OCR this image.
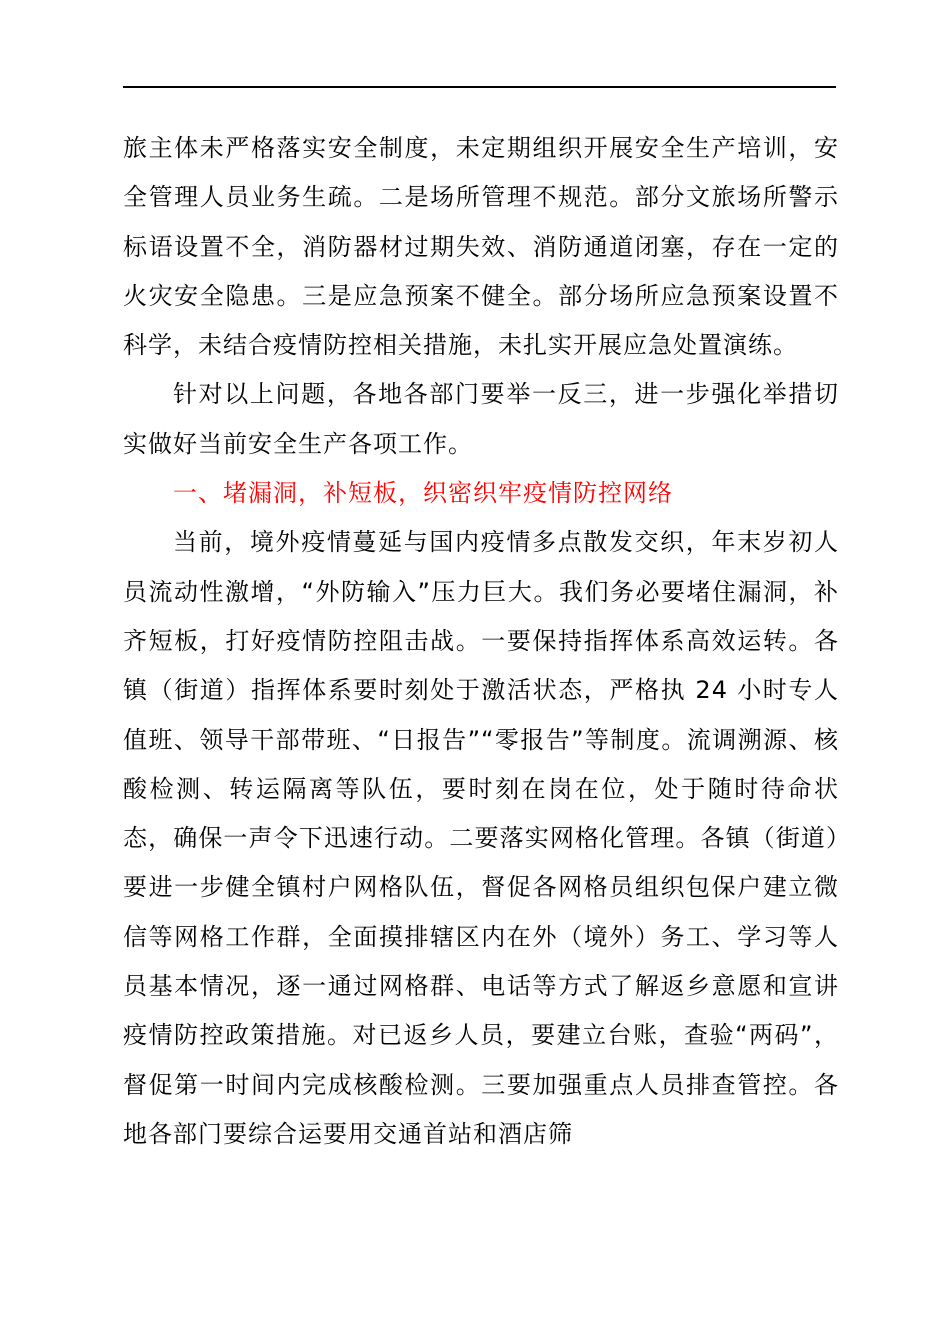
旅主体未严格落实安全制度，未定期组织开展安全生产培训，安全管理人员业务生疏。二是场所管理不规范。部分文旅场所警示标语设置不全，消防器材过期失效、消防通道闭塞，存在一定的火灾安全隐患。三是应急预案不健全。部分场所应急预案设置不科学，未结合疫情防控相关措施，未扎实开展应急处置演练。

针对以上问题，各地各部门要举一反三，进一步强化举措切实做好当前安全生产各项工作。

一、堵漏洞，补短板，织密织牢疫情防控网络

当前，境外疫情蔓延与国内疫情多点散发交织，年末岁初人员流动性激增，“外防输入”压力巨大。我们务必要堵住漏洞，补齐短板，打好疫情防控阻击战。一要保持指挥体系高效运转。各镇（街道）指挥体系要时刻处于激活状态，严格执 24 小时专人值班、领导干部带班、“日报告”“零报告”等制度。流调溯源、核酸检测、转运隔离等队伍，要时刻在岗在位，处于随时待命状态，确保一声令下迅速行动。二要落实网格化管理。各镇（街道）要进一步健全镇村户网格队伍，督促各网格员组织包保户建立微信等网格工作群，全面摸排辖区内在外（境外）务工、学习等人员基本情况，逐一通过网格群、电话等方式了解返乡意愿和宣讲疫情防控政策措施。对已返乡人员，要建立台账，查验“两码”，督促第一时间内完成核酸检测。三要加强重点人员排查管控。各地各部门要综合运要用交通首站和酒店筛
